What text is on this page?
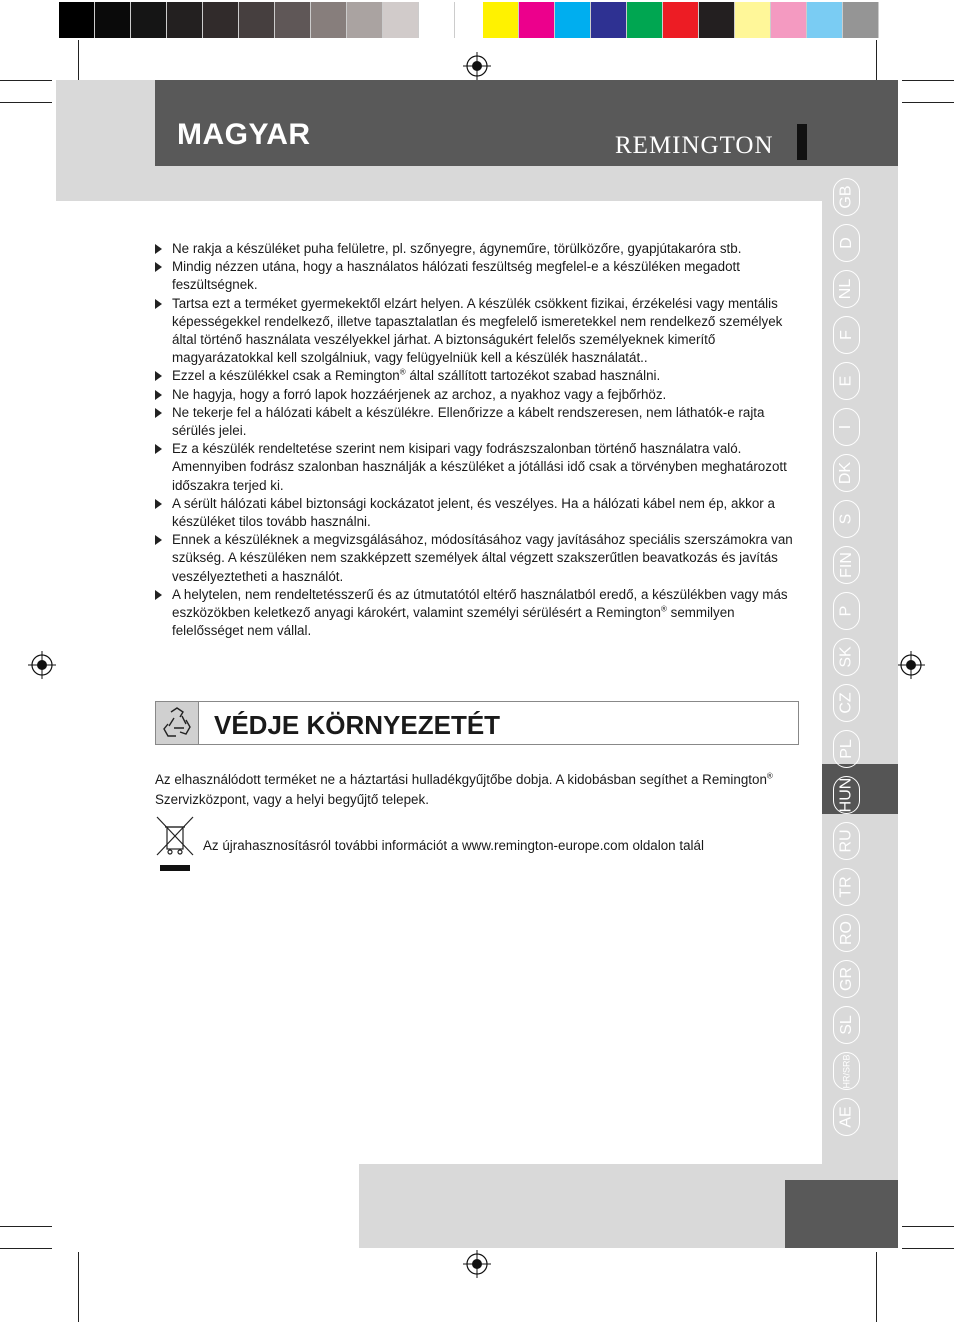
MAGYAR	REMINGTON
GB
D
NL
F
E
I
DK
S
FIN
P
SK
CZ
PL
HUN
RU
TR
RO
GR
SL
HR/SRB
AE
Ne rakja a készüléket puha felületre, pl. szőnyegre, ágyneműre, törülközőre, gyapjútakaróra stb.
Mindig nézzen utána, hogy a használatos hálózati feszültség megfelel-e a készüléken megadott feszültségnek.
Tartsa ezt a terméket gyermekektől elzárt helyen. A készülék csökkent fizikai, érzékelési vagy mentális képességekkel rendelkező, illetve tapasztalatlan és megfelelő ismeretekkel nem rendelkező személyek által történő használata veszélyekkel járhat. A biztonságukért felelős személyeknek kimerítő magyarázatokkal kell szolgálniuk, vagy felügyelniük kell a készülék használatát..
Ezzel a készülékkel csak a Remington® által szállított tartozékot szabad használni.
Ne hagyja, hogy a forró lapok hozzáérjenek az archoz, a nyakhoz vagy a fejbőrhöz.
Ne tekerje fel a hálózati kábelt a készülékre. Ellenőrizze a kábelt rendszeresen, nem láthatók-e rajta sérülés jelei.
Ez a készülék rendeltetése szerint nem kisipari vagy fodrászszalonban történő használatra való. Amennyiben fodrász szalonban használják a készüléket a jótállási idő csak a törvényben meghatározott időszakra terjed ki.
A sérült hálózati kábel biztonsági kockázatot jelent, és veszélyes. Ha a hálózati kábel nem ép, akkor a készüléket tilos tovább használni.
Ennek a készüléknek a megvizsgálásához, módosításához vagy javításához speciális szerszámokra van szükség. A készüléken nem szakképzett személyek által végzett szakszerűtlen beavatkozás és javítás veszélyeztetheti a használót.
A helytelen, nem rendeltetésszerű és az útmutatótól eltérő használatból eredő, a készülékben vagy más eszközökben keletkező anyagi károkért, valamint személyi sérülésért a Remington® semmilyen felelősséget nem vállal.
VÉDJE KÖRNYEZETÉT
Az elhasználódott terméket ne a háztartási hulladékgyűjtőbe dobja. A kidobásban segíthet a Remington® Szervizközpont, vagy a helyi begyűjtő telepek.
Az újrahasznosításról további információt a www.remington-europe.com oldalon talál
